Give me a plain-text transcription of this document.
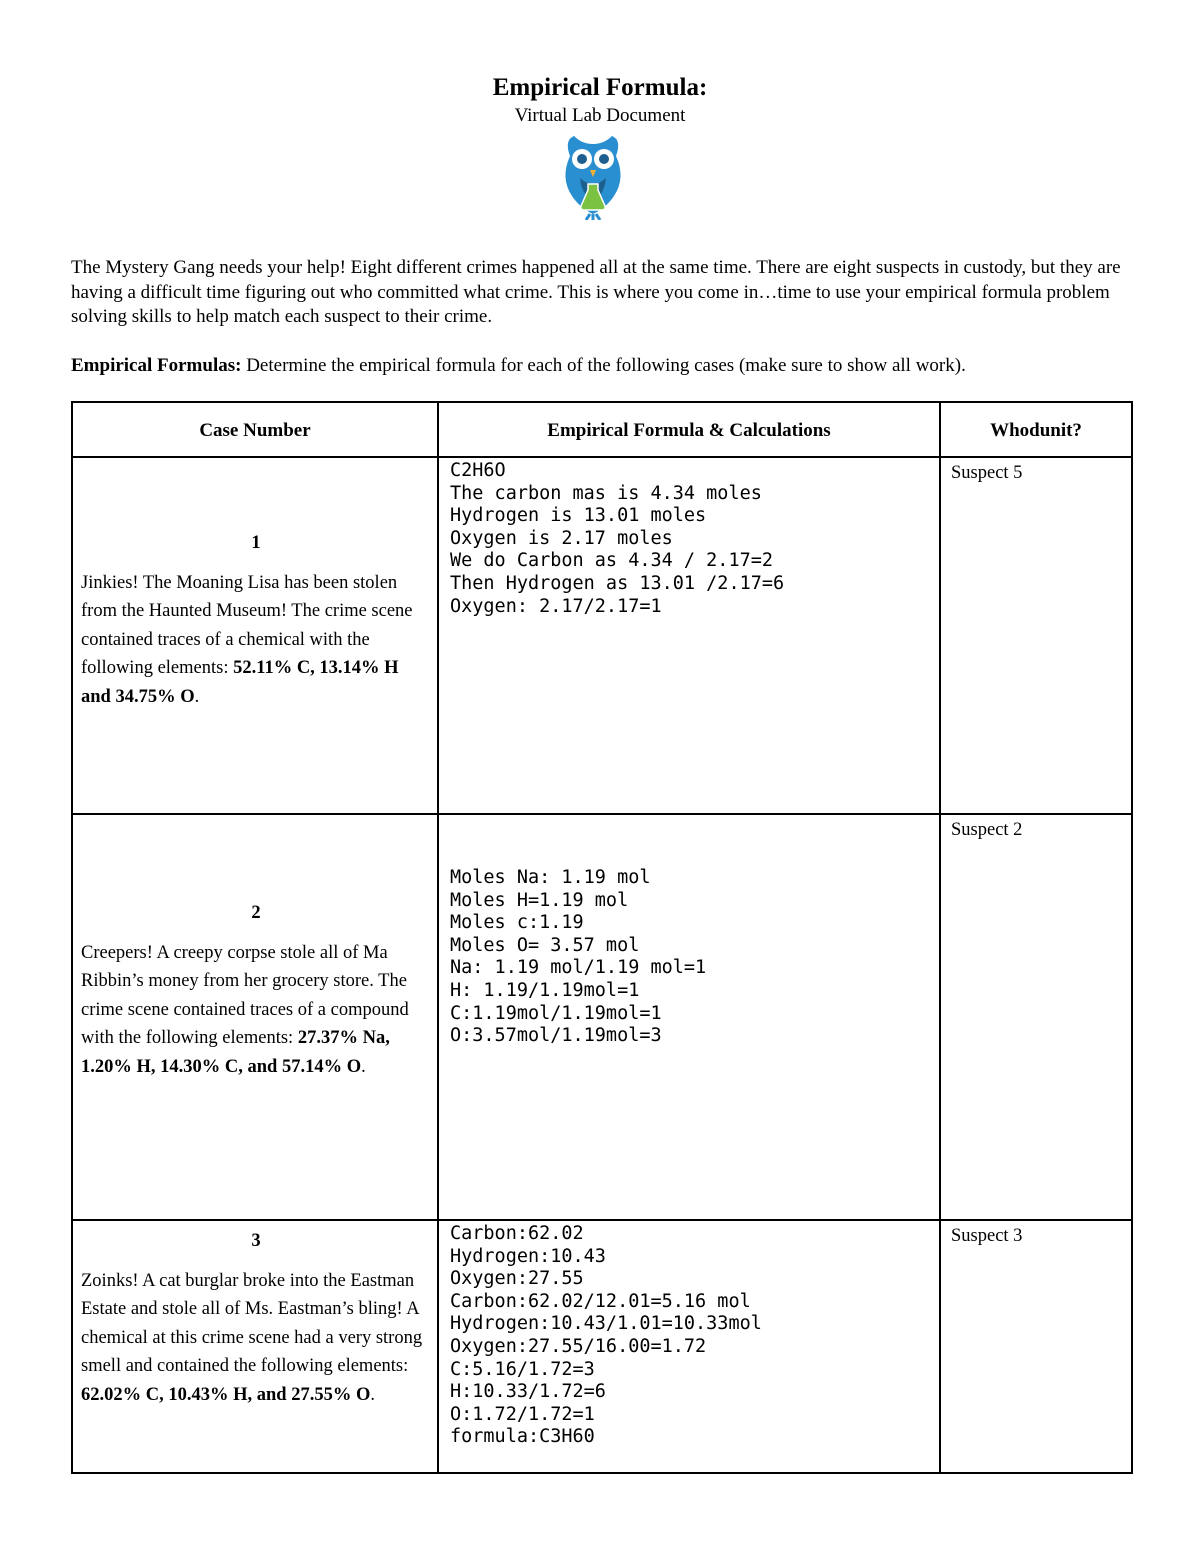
Empirical Formula:

Virtual Lab Document

The Mystery Gang needs your help! Eight different crimes happened all at the same time. There are eight suspects in custody, but they are having a difficult time figuring out who committed what crime. This is where you come in…time to use your empirical formula problem solving skills to help match each suspect to their crime.

Empirical Formulas: Determine the empirical formula for each of the following cases (make sure to show all work).

Case Number	Empirical Formula & Calculations	Whodunit?
1
Jinkies! The Moaning Lisa has been stolen from the Haunted Museum! The crime scene contained traces of a chemical with the following elements: 52.11% C, 13.14% H and 34.75% O.
C2H6O
The carbon mas is 4.34 moles
Hydrogen is 13.01 moles
Oxygen is 2.17 moles
We do Carbon as 4.34 / 2.17=2
Then Hydrogen as 13.01 /2.17=6
Oxygen: 2.17/2.17=1
Suspect 5
2
Creepers! A creepy corpse stole all of Ma Ribbin’s money from her grocery store. The crime scene contained traces of a compound with the following elements: 27.37% Na, 1.20% H, 14.30% C, and 57.14% O.
Moles Na: 1.19 mol
Moles H=1.19 mol
Moles c:1.19
Moles O= 3.57 mol
Na: 1.19 mol/1.19 mol=1
H: 1.19/1.19mol=1
C:1.19mol/1.19mol=1
O:3.57mol/1.19mol=3
Suspect 2
3
Zoinks! A cat burglar broke into the Eastman Estate and stole all of Ms. Eastman’s bling! A chemical at this crime scene had a very strong smell and contained the following elements: 62.02% C, 10.43% H, and 27.55% O.
Carbon:62.02
Hydrogen:10.43
Oxygen:27.55
Carbon:62.02/12.01=5.16 mol
Hydrogen:10.43/1.01=10.33mol
Oxygen:27.55/16.00=1.72
C:5.16/1.72=3
H:10.33/1.72=6
O:1.72/1.72=1
formula:C3H60
Suspect 3
